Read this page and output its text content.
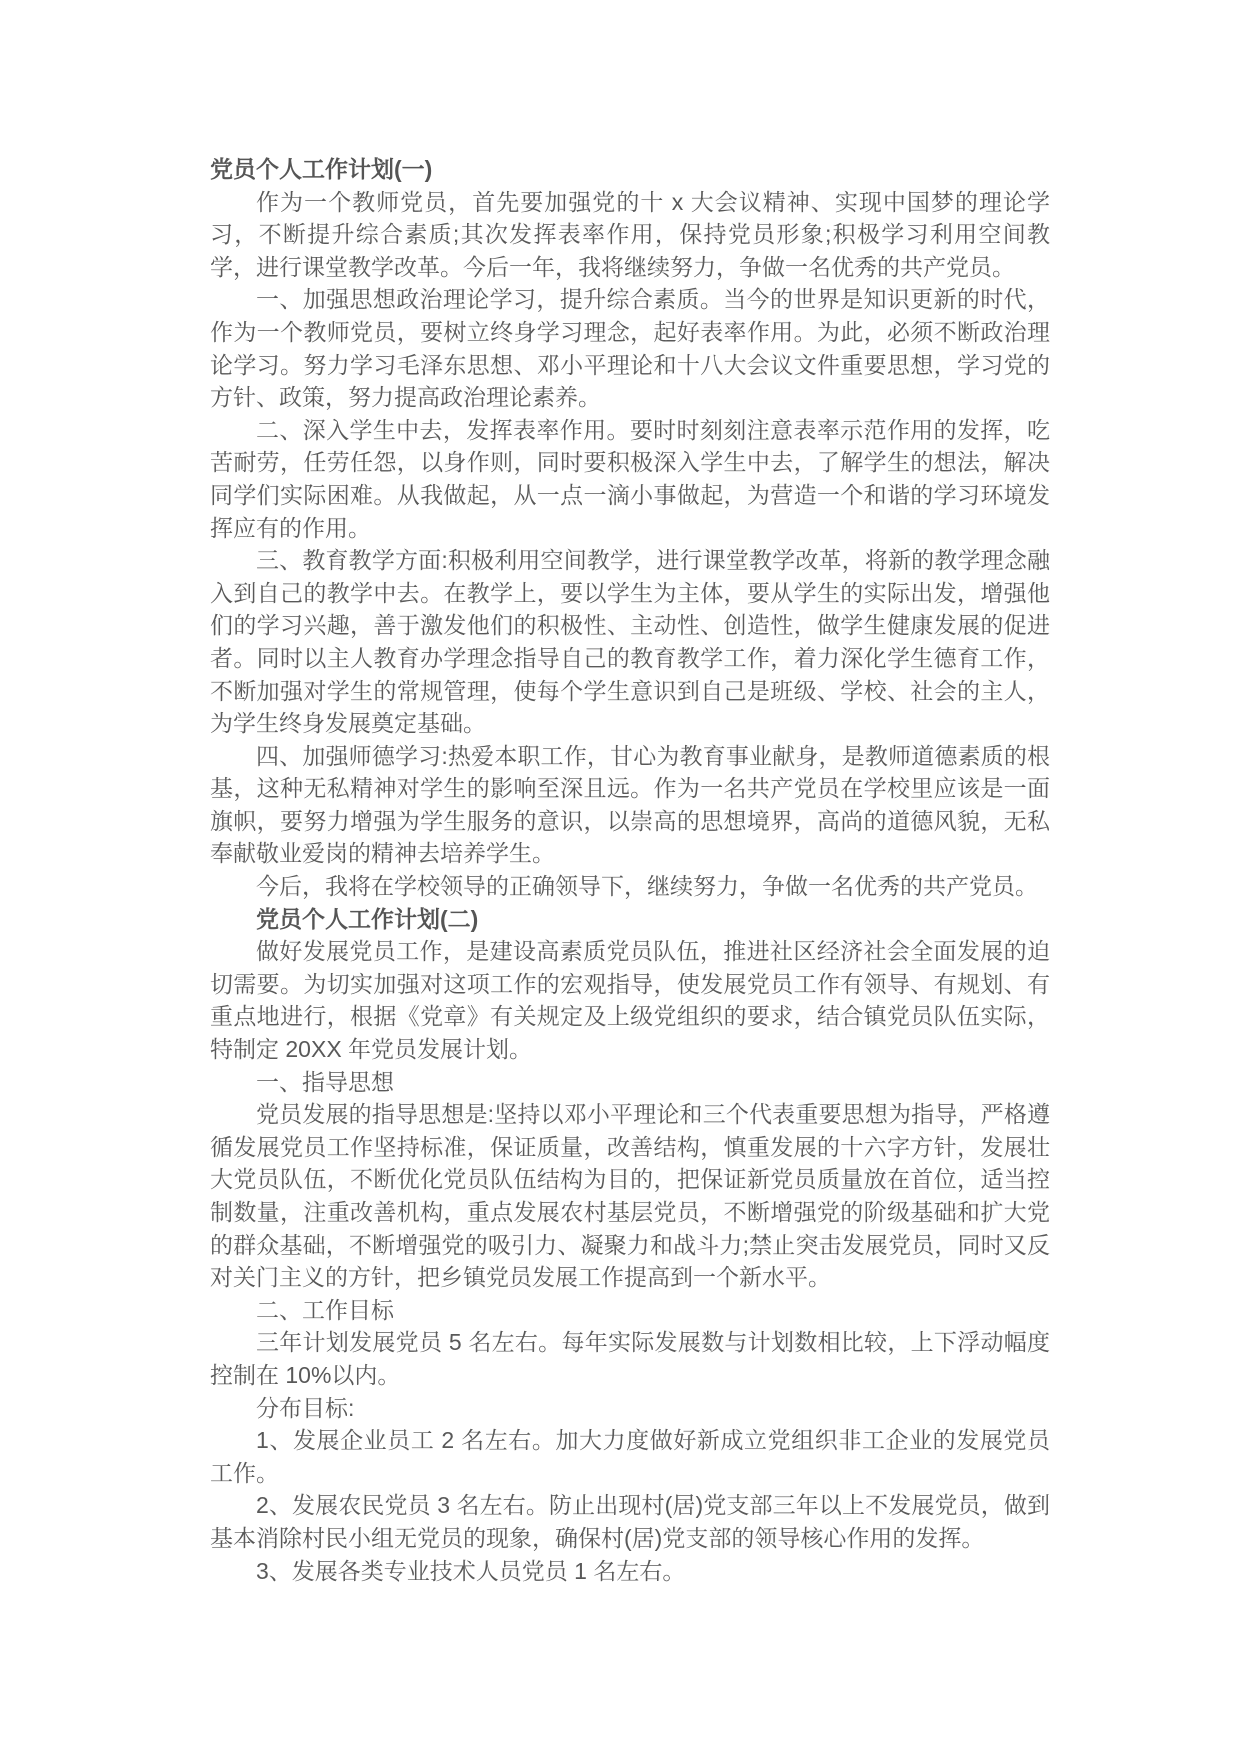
党员个人工作计划(一)

作为一个教师党员，首先要加强党的十 x 大会议精神、实现中国梦的理论学习，不断提升综合素质;其次发挥表率作用，保持党员形象;积极学习利用空间教学，进行课堂教学改革。今后一年，我将继续努力，争做一名优秀的共产党员。

一、加强思想政治理论学习，提升综合素质。当今的世界是知识更新的时代，作为一个教师党员，要树立终身学习理念，起好表率作用。为此，必须不断政治理论学习。努力学习毛泽东思想、邓小平理论和十八大会议文件重要思想，学习党的方针、政策，努力提高政治理论素养。

二、深入学生中去，发挥表率作用。要时时刻刻注意表率示范作用的发挥，吃苦耐劳，任劳任怨，以身作则，同时要积极深入学生中去，了解学生的想法，解决同学们实际困难。从我做起，从一点一滴小事做起，为营造一个和谐的学习环境发挥应有的作用。

三、教育教学方面:积极利用空间教学，进行课堂教学改革，将新的教学理念融入到自己的教学中去。在教学上，要以学生为主体，要从学生的实际出发，增强他们的学习兴趣，善于激发他们的积极性、主动性、创造性，做学生健康发展的促进者。同时以主人教育办学理念指导自己的教育教学工作，着力深化学生德育工作，不断加强对学生的常规管理，使每个学生意识到自己是班级、学校、社会的主人，为学生终身发展奠定基础。

四、加强师德学习:热爱本职工作，甘心为教育事业献身，是教师道德素质的根基，这种无私精神对学生的影响至深且远。作为一名共产党员在学校里应该是一面旗帜，要努力增强为学生服务的意识，以崇高的思想境界，高尚的道德风貌，无私奉献敬业爱岗的精神去培养学生。

今后，我将在学校领导的正确领导下，继续努力，争做一名优秀的共产党员。

党员个人工作计划(二)

做好发展党员工作，是建设高素质党员队伍，推进社区经济社会全面发展的迫切需要。为切实加强对这项工作的宏观指导，使发展党员工作有领导、有规划、有重点地进行，根据《党章》有关规定及上级党组织的要求，结合镇党员队伍实际，特制定 20XX 年党员发展计划。

一、指导思想

党员发展的指导思想是:坚持以邓小平理论和三个代表重要思想为指导，严格遵循发展党员工作坚持标准，保证质量，改善结构，慎重发展的十六字方针，发展壮大党员队伍，不断优化党员队伍结构为目的，把保证新党员质量放在首位，适当控制数量，注重改善机构，重点发展农村基层党员，不断增强党的阶级基础和扩大党的群众基础，不断增强党的吸引力、凝聚力和战斗力;禁止突击发展党员，同时又反对关门主义的方针，把乡镇党员发展工作提高到一个新水平。

二、工作目标

三年计划发展党员 5 名左右。每年实际发展数与计划数相比较，上下浮动幅度控制在 10%以内。

分布目标:

1、发展企业员工 2 名左右。加大力度做好新成立党组织非工企业的发展党员工作。

2、发展农民党员 3 名左右。防止出现村(居)党支部三年以上不发展党员，做到基本消除村民小组无党员的现象，确保村(居)党支部的领导核心作用的发挥。

3、发展各类专业技术人员党员 1 名左右。
